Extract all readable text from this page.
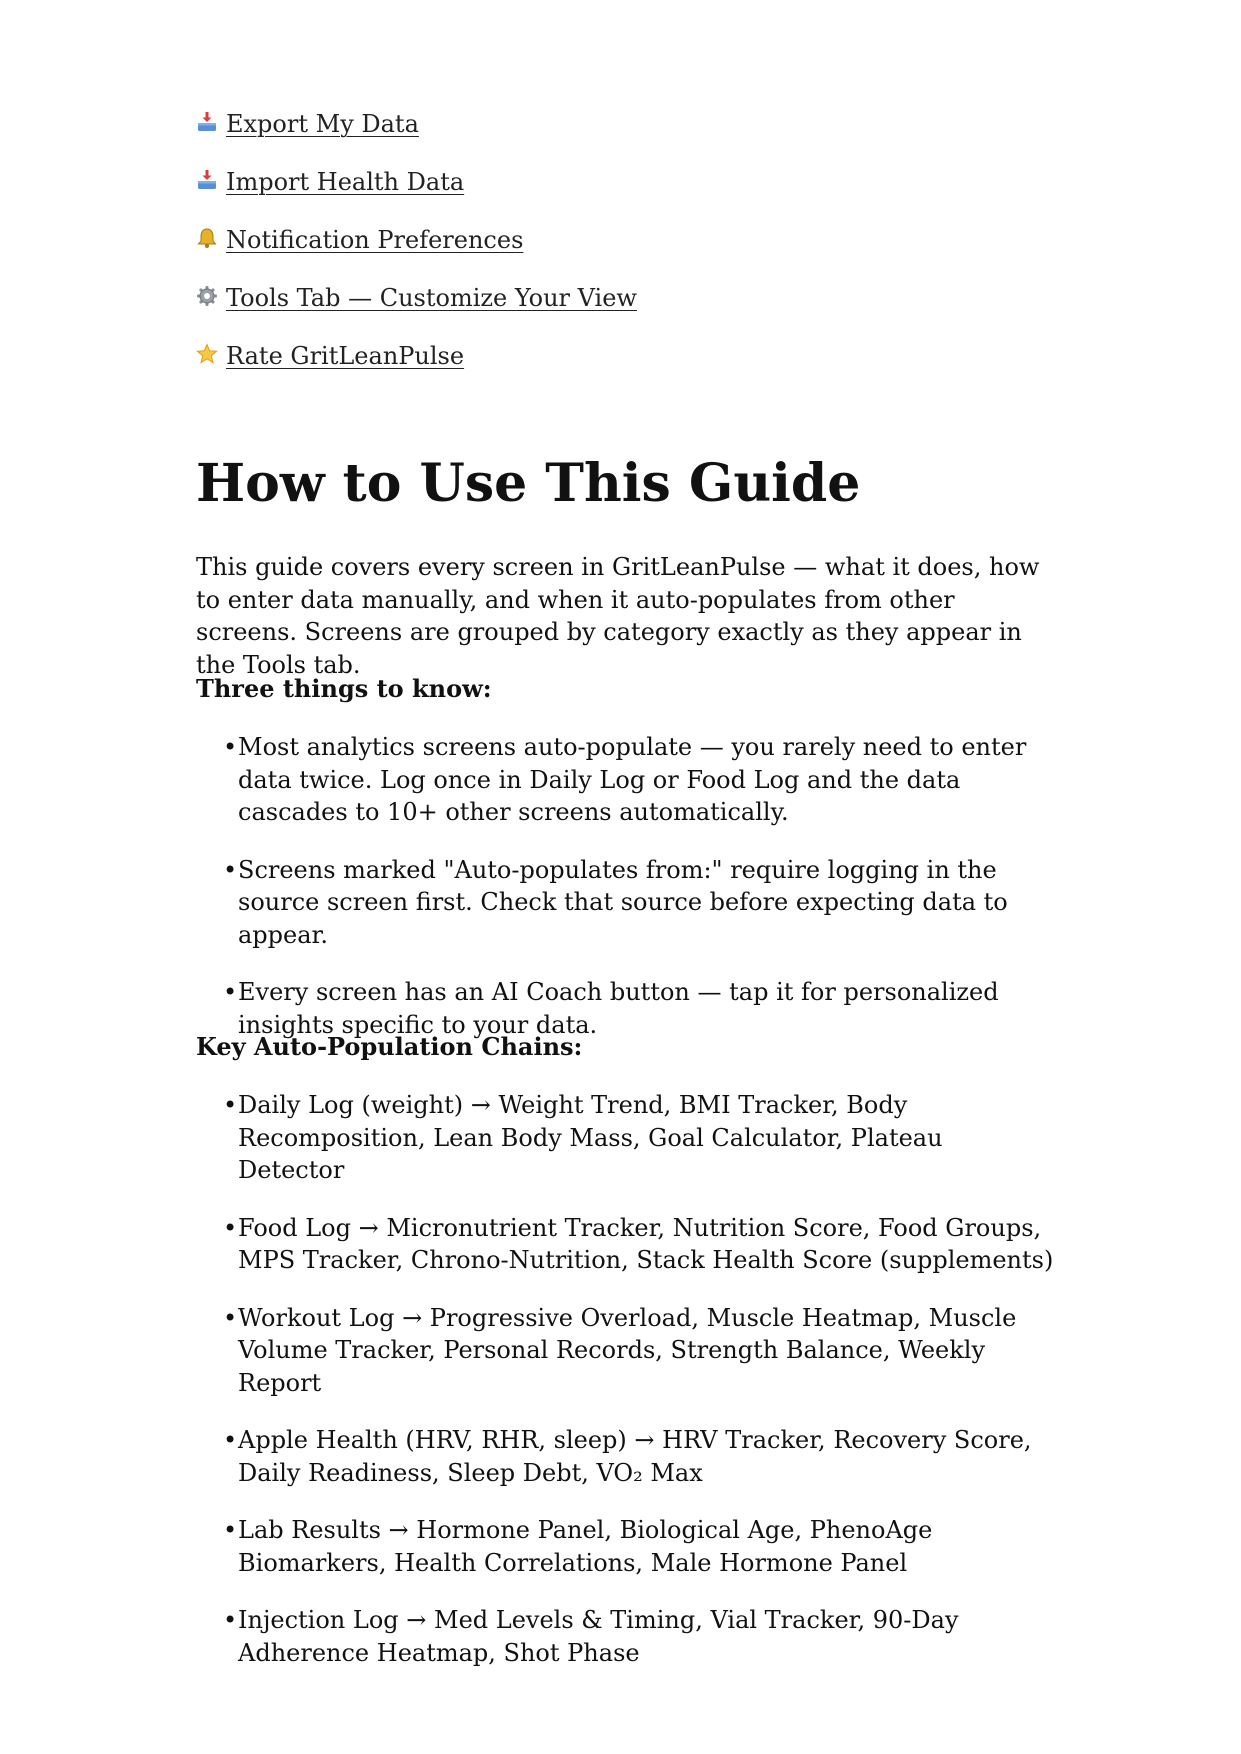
Export My Data
Import Health Data
Notification Preferences
Tools Tab — Customize Your View
Rate GritLeanPulse
How to Use This Guide

This guide covers every screen in GritLeanPulse — what it does, how to enter data manually, and when it auto-populates from other screens. Screens are grouped by category exactly as they appear in the Tools tab.

Three things to know:

• Most analytics screens auto-populate — you rarely need to enter data twice. Log once in Daily Log or Food Log and the data cascades to 10+ other screens automatically.
• Screens marked "Auto-populates from:" require logging in the source screen first. Check that source before expecting data to appear.
• Every screen has an AI Coach button — tap it for personalized insights specific to your data.

Key Auto-Population Chains:

• Daily Log (weight) → Weight Trend, BMI Tracker, Body Recomposition, Lean Body Mass, Goal Calculator, Plateau Detector
• Food Log → Micronutrient Tracker, Nutrition Score, Food Groups, MPS Tracker, Chrono-Nutrition, Stack Health Score (supplements)
• Workout Log → Progressive Overload, Muscle Heatmap, Muscle Volume Tracker, Personal Records, Strength Balance, Weekly Report
• Apple Health (HRV, RHR, sleep) → HRV Tracker, Recovery Score, Daily Readiness, Sleep Debt, VO₂ Max
• Lab Results → Hormone Panel, Biological Age, PhenoAge Biomarkers, Health Correlations, Male Hormone Panel
• Injection Log → Med Levels & Timing, Vial Tracker, 90-Day Adherence Heatmap, Shot Phase
